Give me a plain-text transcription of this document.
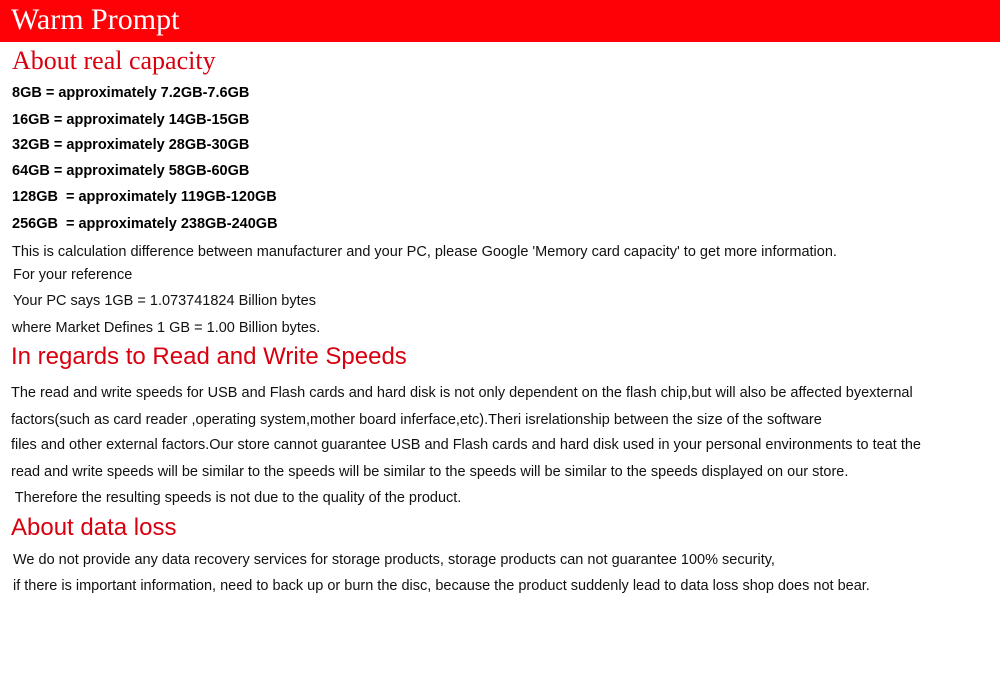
Warm Prompt
About real capacity
8GB = approximately 7.2GB-7.6GB
16GB = approximately 14GB-15GB
32GB = approximately 28GB-30GB
64GB = approximately 58GB-60GB
128GB  = approximately 119GB-120GB
256GB  = approximately 238GB-240GB
This is calculation difference between manufacturer and your PC, please Google 'Memory card capacity' to get more information.
For your reference
Your PC says 1GB = 1.073741824 Billion bytes
where Market Defines 1 GB = 1.00 Billion bytes.
In regards to Read and Write Speeds
The read and write speeds for USB and Flash cards and hard disk is not only dependent on the flash chip,but will also be affected byexternal
factors(such as card reader ,operating system,mother board inferface,etc).Theri isrelationship between the size of the software
files and other external factors.Our store cannot guarantee USB and Flash cards and hard disk used in your personal environments to teat the
read and write speeds will be similar to the speeds will be similar to the speeds will be similar to the speeds displayed on our store.
Therefore the resulting speeds is not due to the quality of the product.
About data loss
We do not provide any data recovery services for storage products, storage products can not guarantee 100% security,
if there is important information, need to back up or burn the disc, because the product suddenly lead to data loss shop does not bear.
